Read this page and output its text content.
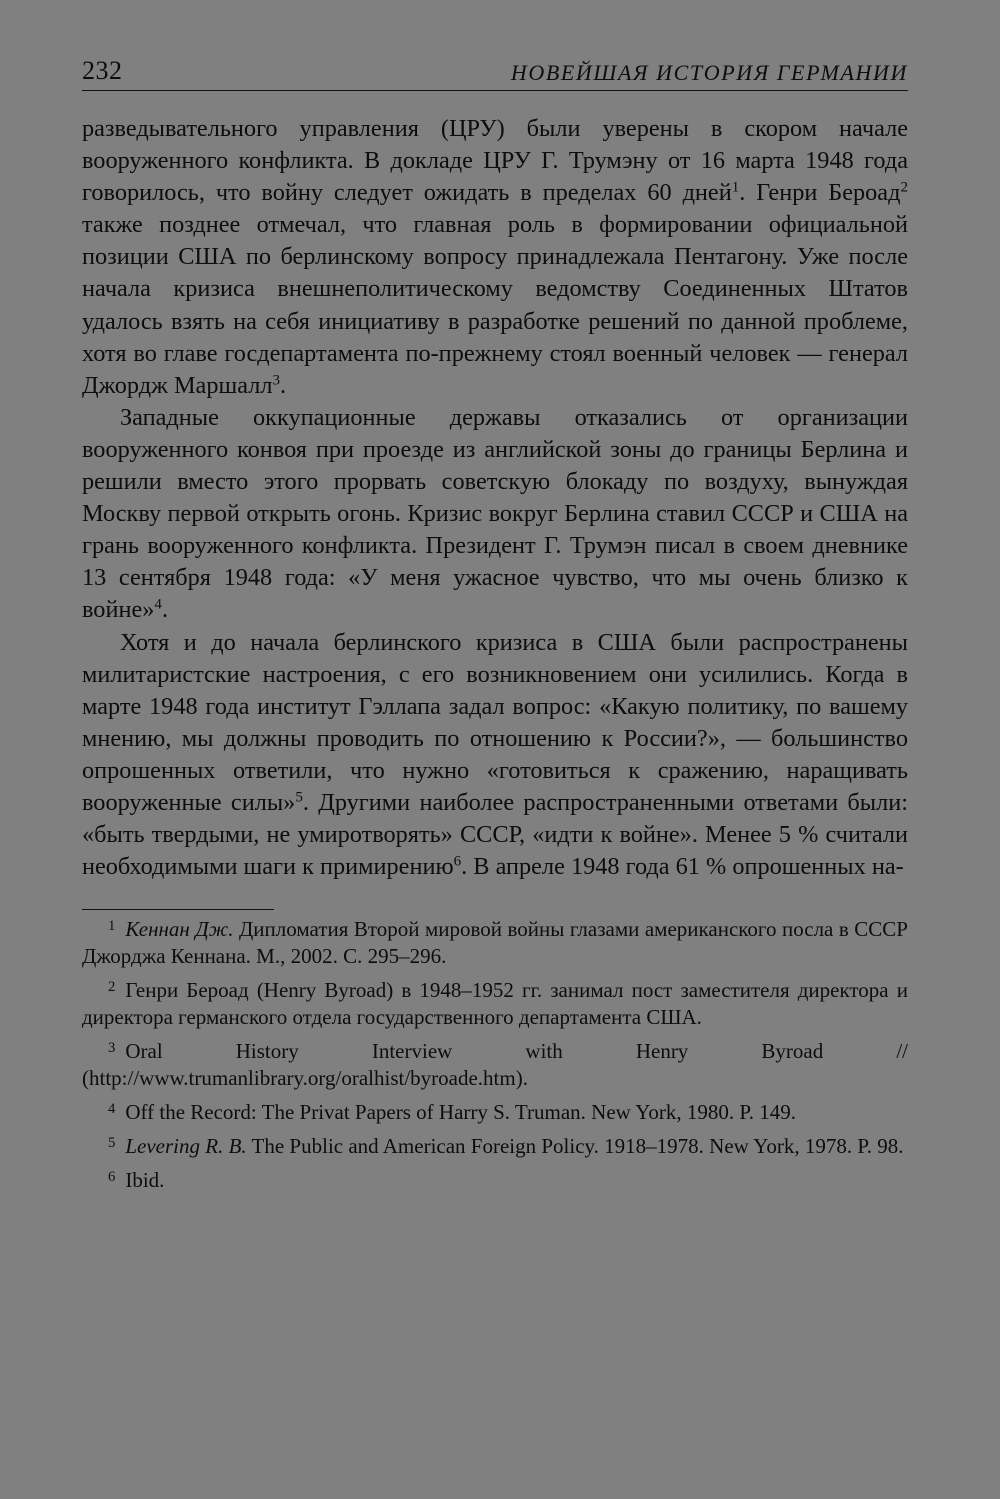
232	НОВЕЙШАЯ ИСТОРИЯ ГЕРМАНИИ

разведывательного управления (ЦРУ) были уверены в скором начале вооруженного конфликта. В докладе ЦРУ Г. Трумэну от 16 марта 1948 года говорилось, что войну следует ожидать в пределах 60 дней$^1$. Генри Бероад$^2$ также позднее отмечал, что главная роль в формировании официальной позиции США по берлинскому вопросу принадлежала Пентагону. Уже после начала кризиса внешнеполитическому ведомству Соединенных Штатов удалось взять на себя инициативу в разработке решений по данной проблеме, хотя во главе госдепартамента по-прежнему стоял военный человек — генерал Джордж Маршалл$^3$.

Западные оккупационные державы отказались от организации вооруженного конвоя при проезде из английской зоны до границы Берлина и решили вместо этого прорвать советскую блокаду по воздуху, вынуждая Москву первой открыть огонь. Кризис вокруг Берлина ставил СССР и США на грань вооруженного конфликта. Президент Г. Трумэн писал в своем дневнике 13 сентября 1948 года: «У меня ужасное чувство, что мы очень близко к войне»$^4$.

Хотя и до начала берлинского кризиса в США были распространены милитаристские настроения, с его возникновением они усилились. Когда в марте 1948 года институт Гэллапа задал вопрос: «Какую политику, по вашему мнению, мы должны проводить по отношению к России?», — большинство опрошенных ответили, что нужно «готовиться к сражению, наращивать вооруженные силы»$^5$. Другими наиболее распространенными ответами были: «быть твердыми, не умиротворять» СССР, «идти к войне». Менее 5 % считали необходимыми шаги к примирению$^6$. В апреле 1948 года 61 % опрошенных на-

1 Кеннан Дж. Дипломатия Второй мировой войны глазами американского посла в СССР Джорджа Кеннана. М., 2002. С. 295–296.

2 Генри Бероад (Henry Byroad) в 1948–1952 гг. занимал пост заместителя директора и директора германского отдела государственного департамента США.

3 Oral History Interview with Henry Byroad // (http://www.trumanlibrary.org/oralhist/byroade.htm).

4 Off the Record: The Privat Papers of Harry S. Truman. New York, 1980. P. 149.

5 Levering R. B. The Public and American Foreign Policy. 1918–1978. New York, 1978. P. 98.

6 Ibid.
